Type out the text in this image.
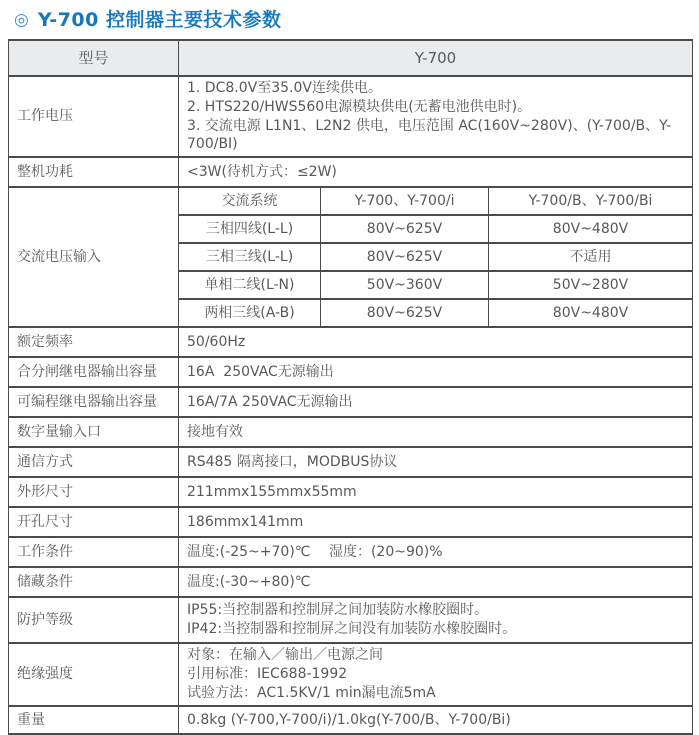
◎ Y-700 控制器主要技术参数
型号	Y-700		
工作电压	1. DC8.0V至35.0V连续供电。
2. HTS220/HWS560电源模块供电(无蓄电池供电时)。
3. 交流电源 L1N1、L2N2 供电，电压范围 AC(160V~280V)、(Y-700/B、Y-700/BI)		

整机功耗	<3W(待机方式：≤2W)		
交流电压输入	交流系统	Y-700、Y-700/i	Y-700/B、Y-700/Bi
	三相四线(L-L)	80V~625V	80V~480V
	三相三线(L-L)	80V~625V	不适用
	单相二线(L-N)	50V~360V	50V~280V
	两相三线(A-B)	80V~625V	80V~480V
额定频率	50/60Hz		
合分闸继电器输出容量	16A  250VAC无源输出		
可编程继电器输出容量	16A/7A 250VAC无源输出		
数字量输入口	接地有效		
通信方式	RS485 隔离接口，MODBUS协议		
外形尺寸	211mmx155mmx55mm		
开孔尺寸	186mmx141mm		
工作条件	温度:(-25~+70)℃　 湿度：(20~90)%		
储藏条件	温度:(-30~+80)℃		
防护等级	IP55:当控制器和控制屏之间加装防水橡胶圈时。
IP42:当控制器和控制屏之间没有加装防水橡胶圈时。		

绝缘强度	对象：在输入／输出／电源之间
引用标准：IEC688-1992
试验方法：AC1.5KV/1 min漏电流5mA		

重量	0.8kg (Y-700,Y-700/i)/1.0kg(Y-700/B、Y-700/Bi)		
